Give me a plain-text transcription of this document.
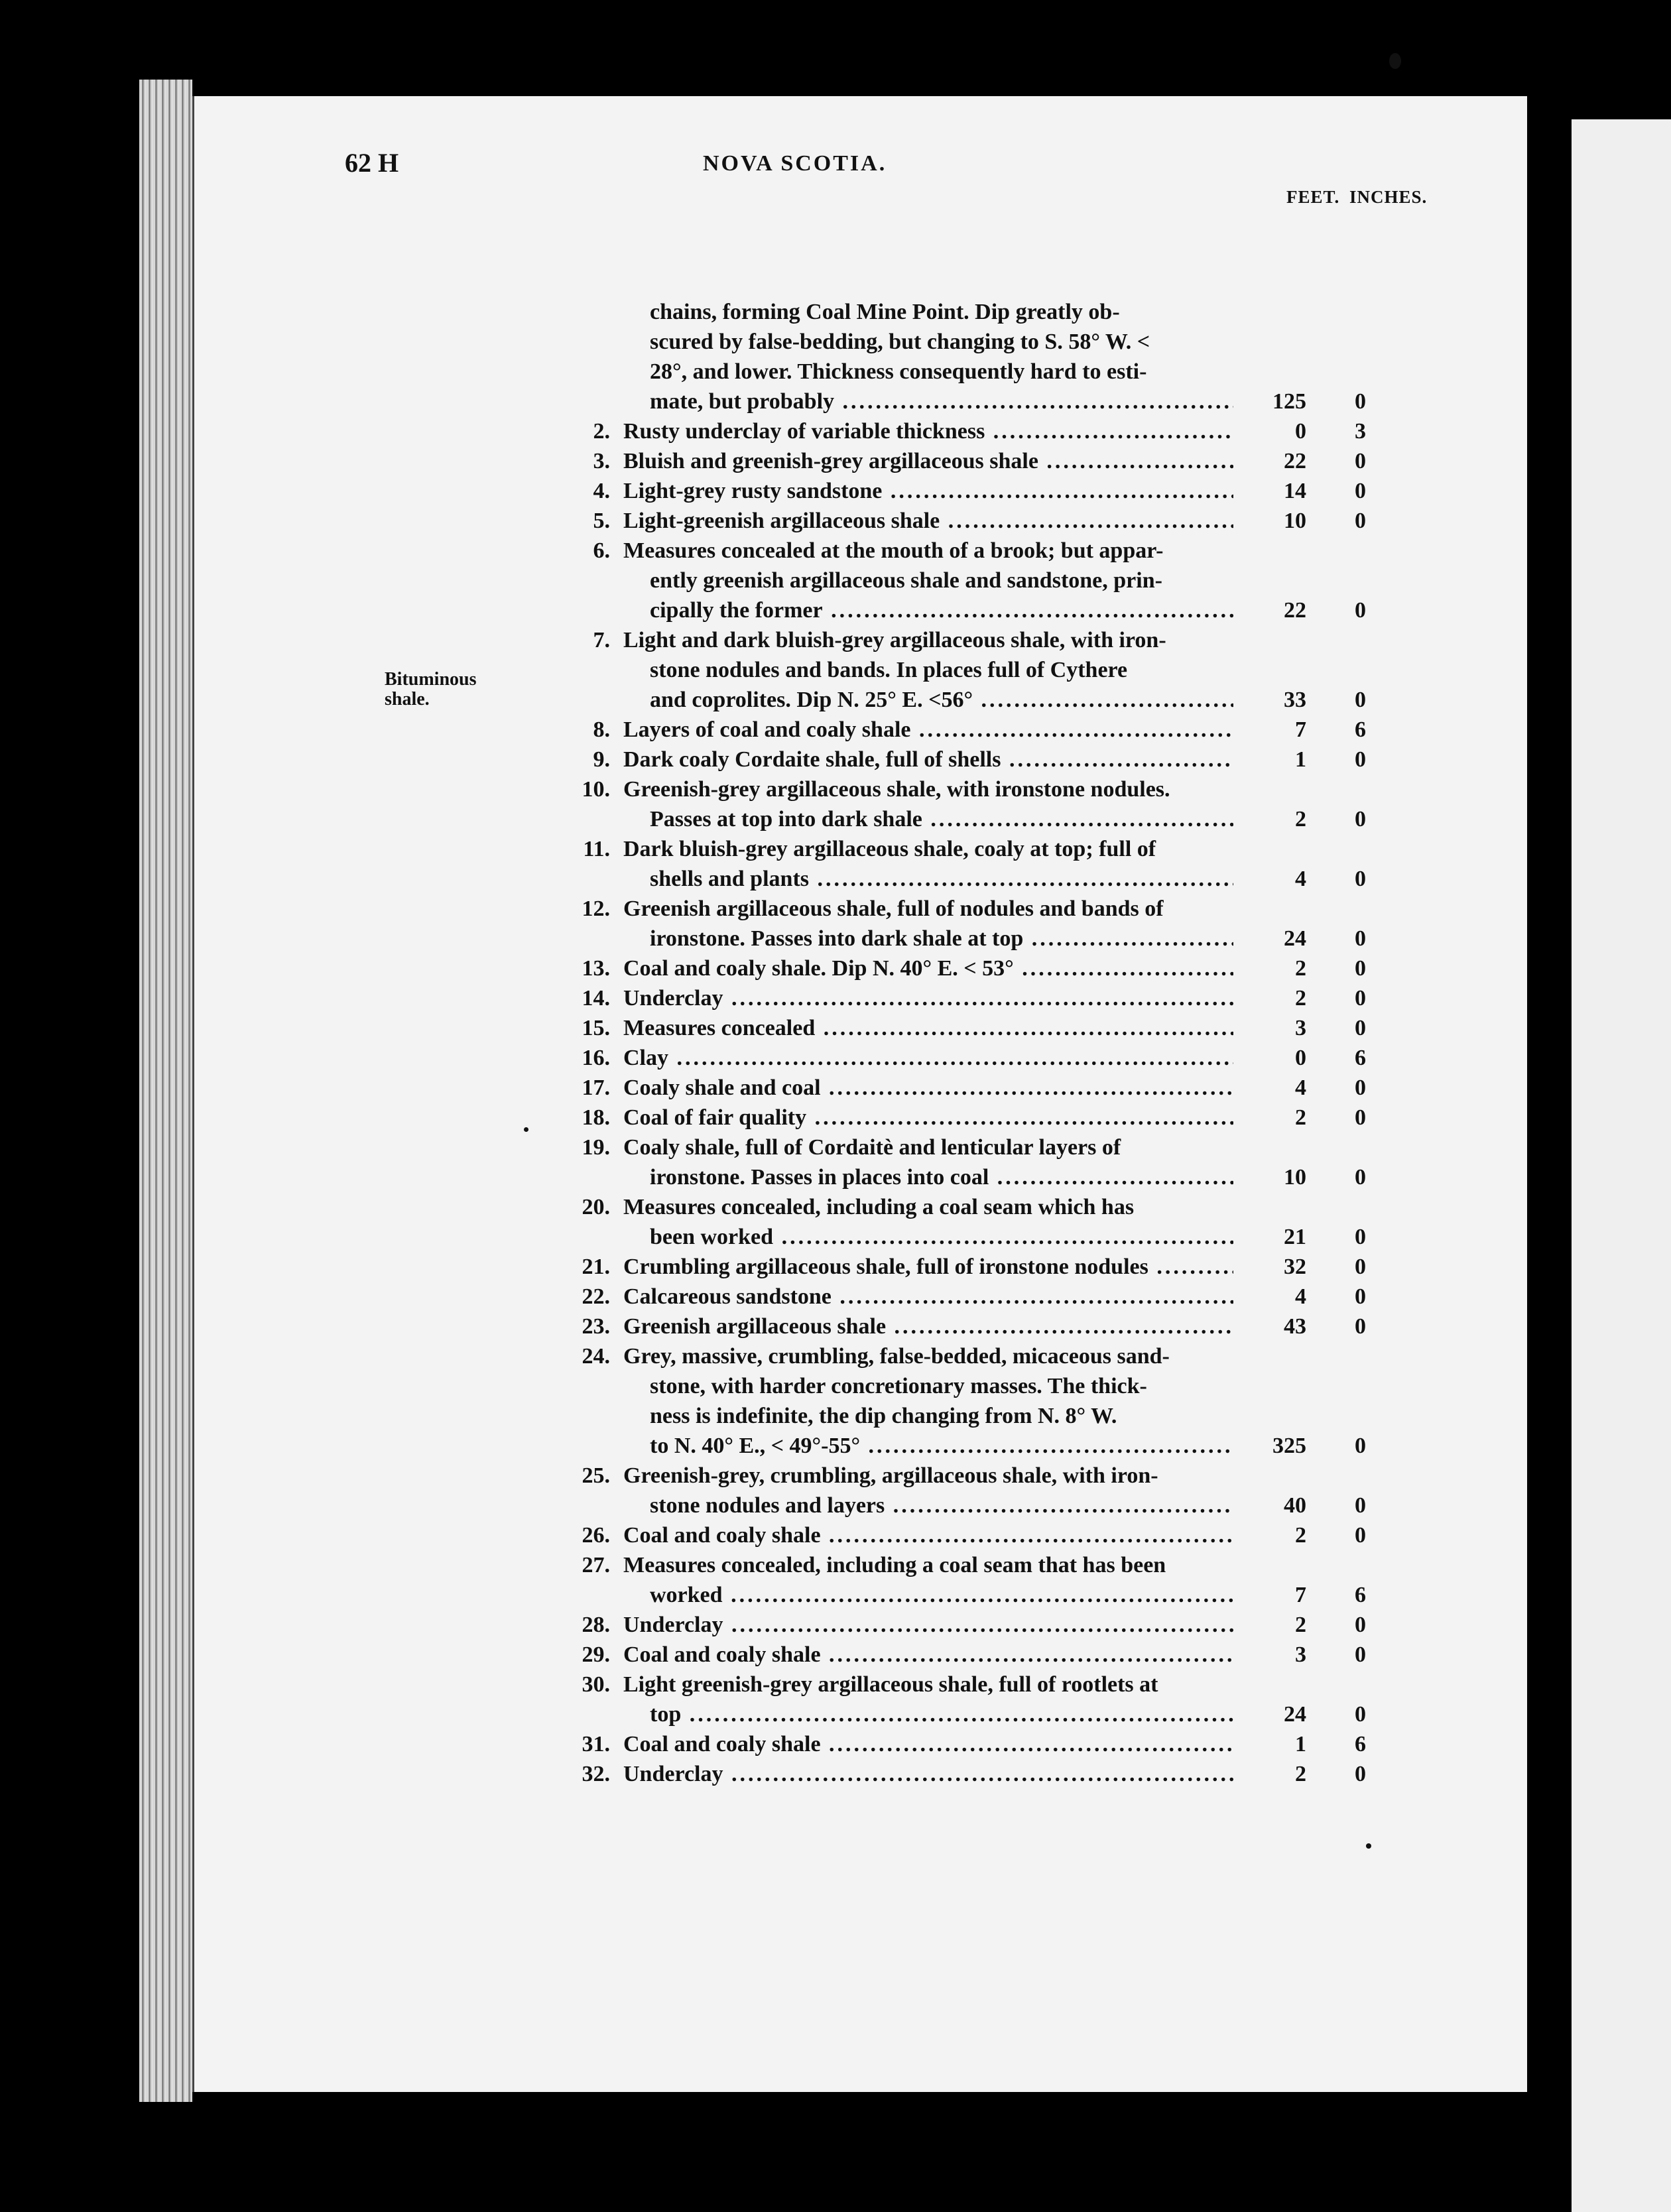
62 H	NOVA SCOTIA.
FEET. INCHES.
Bituminous
shale.
chains, forming Coal Mine Point. Dip greatly ob-
scured by false-bedding, but changing to S. 58° W. <
28°, and lower. Thickness consequently hard to esti-
mate, but probably .....	125	0
2. Rusty underclay of variable thickness .....	0	3
3. Bluish and greenish-grey argillaceous shale .....	22	0
4. Light-grey rusty sandstone .....	14	0
5. Light-greenish argillaceous shale .....	10	0
6. Measures concealed at the mouth of a brook; but appar-
ently greenish argillaceous shale and sandstone, prin-
cipally the former .....	22	0
7. Light and dark bluish-grey argillaceous shale, with iron-
stone nodules and bands. In places full of Cythere
and coprolites. Dip N. 25° E. <56° .....	33	0
8. Layers of coal and coaly shale .....	7	6
9. Dark coaly Cordaite shale, full of shells .....	1	0
10. Greenish-grey argillaceous shale, with ironstone nodules.
Passes at top into dark shale .....	2	0
11. Dark bluish-grey argillaceous shale, coaly at top; full of
shells and plants .....	4	0
12. Greenish argillaceous shale, full of nodules and bands of
ironstone. Passes into dark shale at top .....	24	0
13. Coal and coaly shale. Dip N. 40° E. < 53° .....	2	0
14. Underclay .....	2	0
15. Measures concealed .....	3	0
16. Clay .....	0	6
17. Coaly shale and coal .....	4	0
18. Coal of fair quality .....	2	0
19. Coaly shale, full of Cordaitè and lenticular layers of
ironstone. Passes in places into coal .....	10	0
20. Measures concealed, including a coal seam which has
been worked .....	21	0
21. Crumbling argillaceous shale, full of ironstone nodules .....	32	0
22. Calcareous sandstone .....	4	0
23. Greenish argillaceous shale .....	43	0
24. Grey, massive, crumbling, false-bedded, micaceous sand-
stone, with harder concretionary masses. The thick-
ness is indefinite, the dip changing from N. 8° W.
to N. 40° E., < 49°-55° .....	325	0
25. Greenish-grey, crumbling, argillaceous shale, with iron-
stone nodules and layers .....	40	0
26. Coal and coaly shale .....	2	0
27. Measures concealed, including a coal seam that has been
worked .....	7	6
28. Underclay .....	2	0
29. Coal and coaly shale .....	3	0
30. Light greenish-grey argillaceous shale, full of rootlets at
top .....	24	0
31. Coal and coaly shale .....	1	6
32. Underclay .....	2	0
